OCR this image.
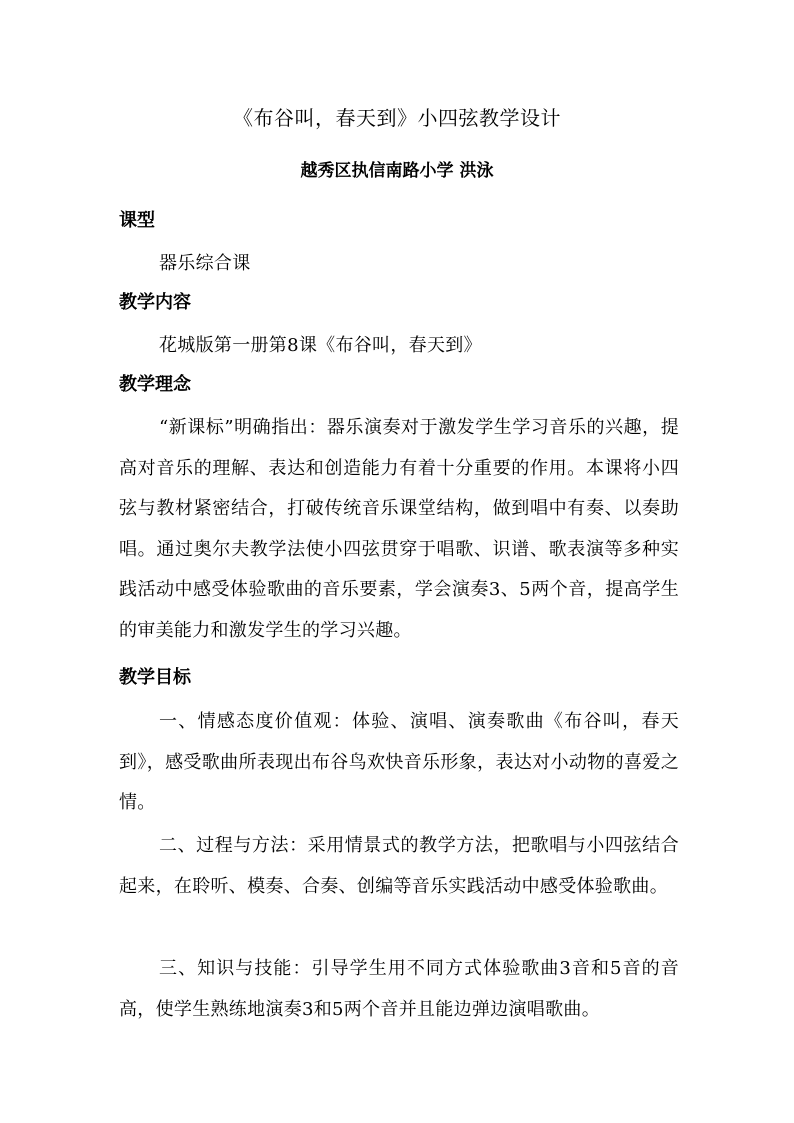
《布谷叫，春天到》小四弦教学设计
越秀区执信南路小学 洪泳
课型
器乐综合课
教学内容
花城版第一册第8课《布谷叫，春天到》
教学理念
“新课标”明确指出：器乐演奏对于激发学生学习音乐的兴趣，提高对音乐的理解、表达和创造能力有着十分重要的作用。本课将小四弦与教材紧密结合，打破传统音乐课堂结构，做到唱中有奏、以奏助唱。通过奥尔夫教学法使小四弦贯穿于唱歌、识谱、歌表演等多种实践活动中感受体验歌曲的音乐要素，学会演奏3、5两个音，提高学生的审美能力和激发学生的学习兴趣。
教学目标
一、情感态度价值观：体验、演唱、演奏歌曲《布谷叫，春天到》，感受歌曲所表现出布谷鸟欢快音乐形象，表达对小动物的喜爱之情。
二、过程与方法：采用情景式的教学方法，把歌唱与小四弦结合起来，在聆听、模奏、合奏、创编等音乐实践活动中感受体验歌曲。
三、知识与技能：引导学生用不同方式体验歌曲3音和5音的音高，使学生熟练地演奏3和5两个音并且能边弹边演唱歌曲。
